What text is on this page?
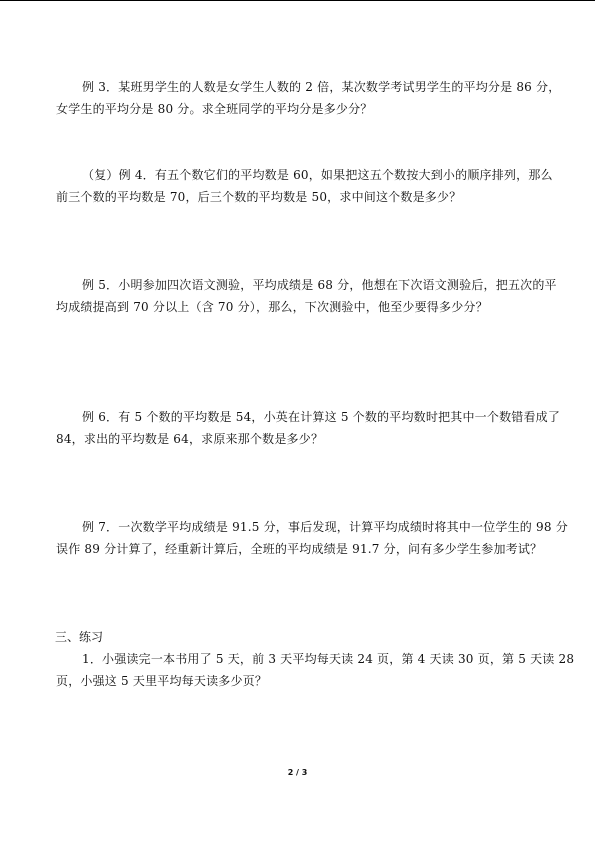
例 3．某班男学生的人数是女学生人数的 2 倍，某次数学考试男学生的平均分是 86 分，
女学生的平均分是 80 分。求全班同学的平均分是多少分？
（复）例 4．有五个数它们的平均数是 60，如果把这五个数按大到小的顺序排列，那么
前三个数的平均数是 70，后三个数的平均数是 50，求中间这个数是多少？
例 5．小明参加四次语文测验，平均成绩是 68 分，他想在下次语文测验后，把五次的平
均成绩提高到 70 分以上（含 70 分），那么，下次测验中，他至少要得多少分？
例 6．有 5 个数的平均数是 54，小英在计算这 5 个数的平均数时把其中一个数错看成了
84，求出的平均数是 64，求原来那个数是多少？
例 7．一次数学平均成绩是 91.5 分，事后发现，计算平均成绩时将其中一位学生的 98 分
误作 89 分计算了，经重新计算后，全班的平均成绩是 91.7 分，问有多少学生参加考试？
三、练习
1．小强读完一本书用了 5 天，前 3 天平均每天读 24 页，第 4 天读 30 页，第 5 天读 28
页，小强这 5 天里平均每天读多少页？
2 / 3
